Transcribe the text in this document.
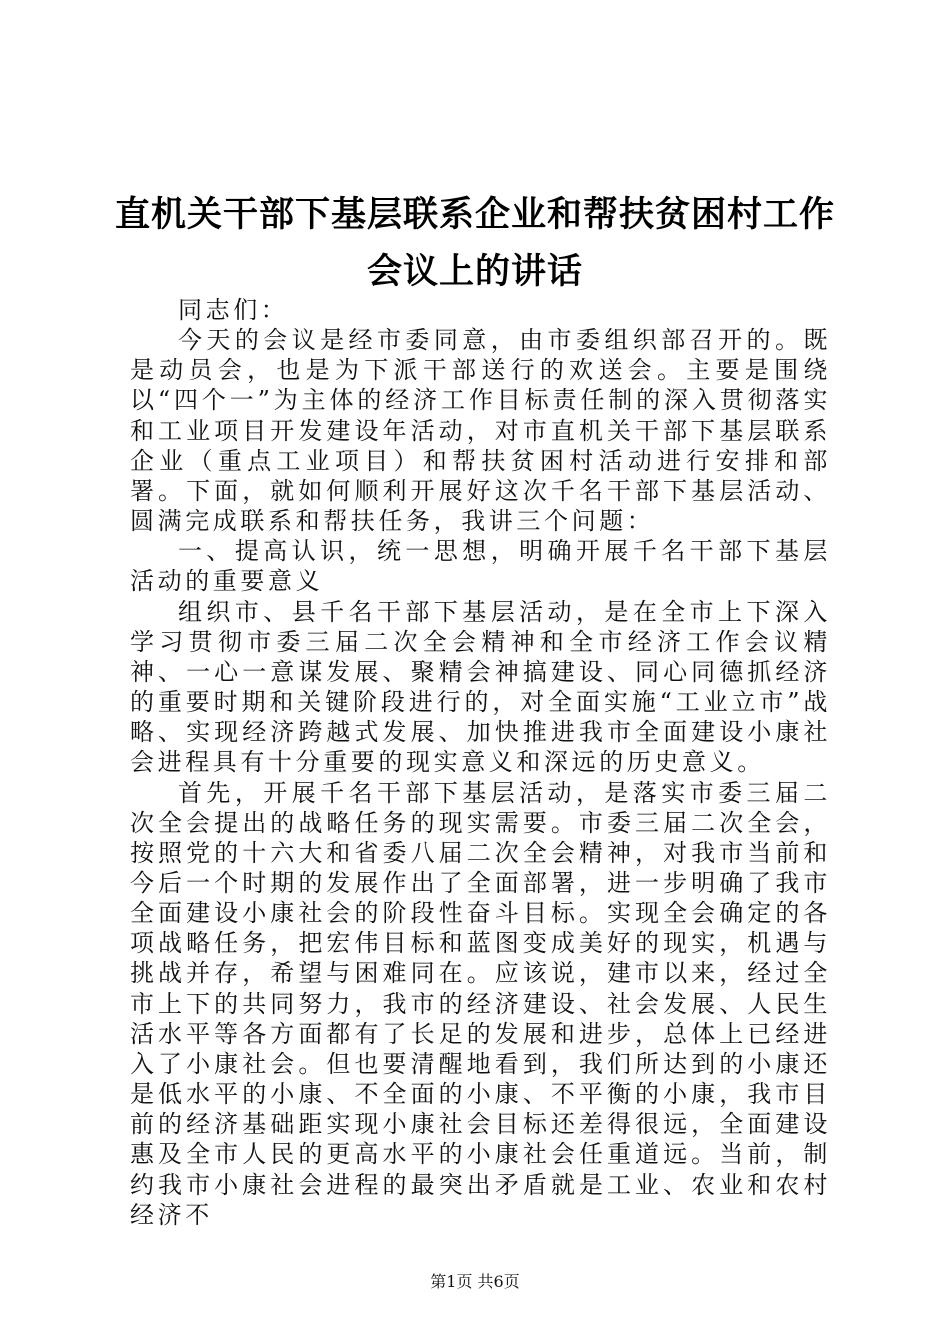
直机关干部下基层联系企业和帮扶贫困村工作
会议上的讲话

同志们：

今天的会议是经市委同意，由市委组织部召开的。既是动员会，也是为下派干部送行的欢送会。主要是围绕以“四个一”为主体的经济工作目标责任制的深入贯彻落实和工业项目开发建设年活动，对市直机关干部下基层联系企业（重点工业项目）和帮扶贫困村活动进行安排和部署。下面，就如何顺利开展好这次千名干部下基层活动、圆满完成联系和帮扶任务，我讲三个问题：

一、提高认识，统一思想，明确开展千名干部下基层活动的重要意义

组织市、县千名干部下基层活动，是在全市上下深入学习贯彻市委三届二次全会精神和全市经济工作会议精神、一心一意谋发展、聚精会神搞建设、同心同德抓经济的重要时期和关键阶段进行的，对全面实施“工业立市”战略、实现经济跨越式发展、加快推进我市全面建设小康社会进程具有十分重要的现实意义和深远的历史意义。

首先，开展千名干部下基层活动，是落实市委三届二次全会提出的战略任务的现实需要。市委三届二次全会，按照党的十六大和省委八届二次全会精神，对我市当前和今后一个时期的发展作出了全面部署，进一步明确了我市全面建设小康社会的阶段性奋斗目标。实现全会确定的各项战略任务，把宏伟目标和蓝图变成美好的现实，机遇与挑战并存，希望与困难同在。应该说，建市以来，经过全市上下的共同努力，我市的经济建设、社会发展、人民生活水平等各方面都有了长足的发展和进步，总体上已经进入了小康社会。但也要清醒地看到，我们所达到的小康还是低水平的小康、不全面的小康、不平衡的小康，我市目前的经济基础距实现小康社会目标还差得很远，全面建设惠及全市人民的更高水平的小康社会任重道远。当前，制约我市小康社会进程的最突出矛盾就是工业、农业和农村经济不

第1页 共6页
